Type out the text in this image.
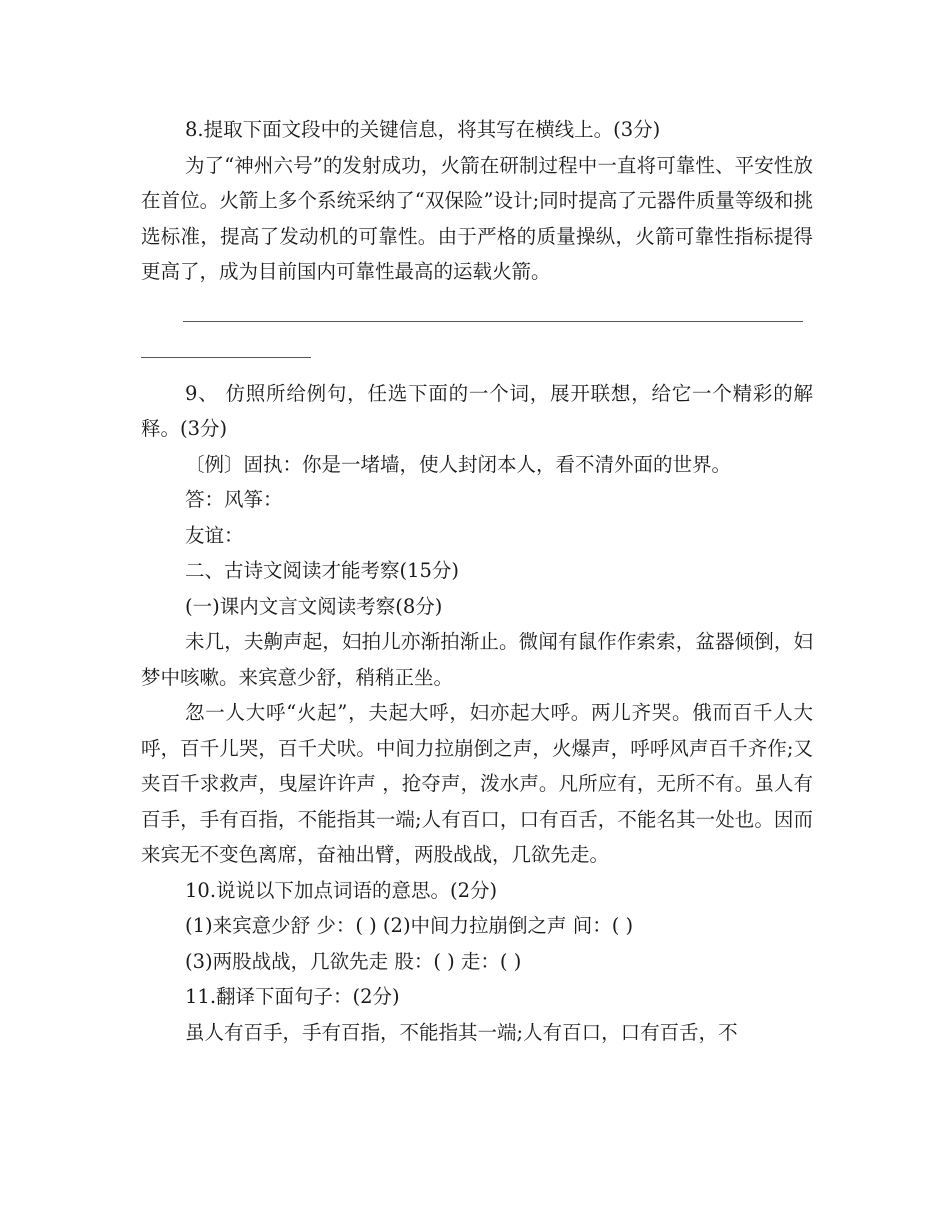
8.提取下面文段中的关键信息，将其写在横线上。(3分)

为了“神州六号”的发射成功，火箭在研制过程中一直将可靠性、平安性放在首位。火箭上多个系统采纳了“双保险”设计;同时提高了元器件质量等级和挑选标准，提高了发动机的可靠性。由于严格的质量操纵，火箭可靠性指标提得更高了，成为目前国内可靠性最高的运载火箭。

9、 仿照所给例句，任选下面的一个词，展开联想，给它一个精彩的解释。(3分)

〔例〕固执：你是一堵墙，使人封闭本人，看不清外面的世界。

答：风筝：

友谊：

二、古诗文阅读才能考察(15分)

(一)课内文言文阅读考察(8分)

未几，夫齁声起，妇拍儿亦渐拍渐止。微闻有鼠作作索索，盆器倾倒，妇梦中咳嗽。来宾意少舒，稍稍正坐。

忽一人大呼“火起”，夫起大呼，妇亦起大呼。两儿齐哭。俄而百千人大呼，百千儿哭，百千犬吠。中间力拉崩倒之声，火爆声，呼呼风声百千齐作;又夹百千求救声，曳屋许许声 ，抢夺声，泼水声。凡所应有，无所不有。虽人有百手，手有百指，不能指其一端;人有百口，口有百舌，不能名其一处也。因而来宾无不变色离席，奋袖出臂，两股战战，几欲先走。

10.说说以下加点词语的意思。(2分)

(1)来宾意少舒 少：( ) (2)中间力拉崩倒之声 间：( )

(3)两股战战，几欲先走 股：( ) 走：( )

11.翻译下面句子：(2分)

虽人有百手，手有百指，不能指其一端;人有百口，口有百舌，不
